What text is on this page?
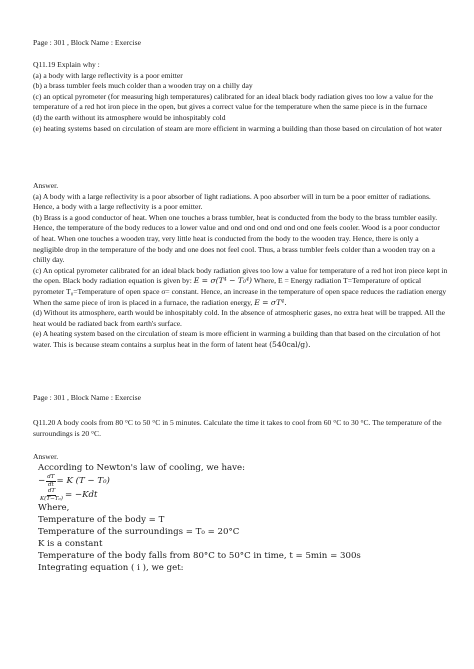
Page : 301 , Block Name : Exercise

Q11.19 Explain why :

(a) a body with large reflectivity is a poor emitter

(b) a brass tumbler feels much colder than a wooden tray on a chilly day

(c) an optical pyrometer (for measuring high temperatures) calibrated for an ideal black body radiation gives too low a value for the temperature of a red hot iron piece in the open, but gives a correct value for the temperature when the same piece is in the furnace

(d) the earth without its atmosphere would be inhospitably cold

(e) heating systems based on circulation of steam are more efficient in warming a building than those based on circulation of hot water

Answer.

(a) A body with a large reflectivity is a poor absorber of light radiations. A poo absorber will in turn be a poor emitter of radiations. Hence, a body with a large reflectivity is a poor emitter.

(b) Brass is a good conductor of heat. When one touches a brass tumbler, heat is conducted from the body to the brass tumbler easily. Hence, the temperature of the body reduces to a lower value and ond ond ond ond ond ond one feels cooler. Wood is a poor conductor of heat. When one touches a wooden tray, very little heat is conducted from the body to the wooden tray. Hence, there is only a negligible drop in the temperature of the body and one does not feel cool. Thus, a brass tumbler feels colder than a wooden tray on a chilly day.

(c) An optical pyrometer calibrated for an ideal black body radiation gives too low a value for temperature of a red hot iron piece kept in the open. Black body radiation equation is given by: E = σ(T⁴ − T₀⁴) Where, E = Energy radiation T=Temperature of optical pyrometer T₀=Temperature of open space σ= constant. Hence, an increase in the temperature of open space reduces the radiation energy When the same piece of iron is placed in a furnace, the radiation energy, E = σT⁴.

(d) Without its atmosphere, earth would be inhospitably cold. In the absence of atmospheric gases, no extra heat will be trapped. All the heat would be radiated back from earth's surface.

(e) A heating system based on the circulation of steam is more efficient in warming a building than that based on the circulation of hot water. This is because steam contains a surplus heat in the form of latent heat (540cal/g).

Page : 301 , Block Name : Exercise

Q11.20 A body cools from 80 °C to 50 °C in 5 minutes. Calculate the time it takes to cool from 60 °C to 30 °C. The temperature of the surroundings is 20 °C.

Answer.

According to Newton's law of cooling, we have:

− $\frac{dT}{dt} = K$ (T − T₀)

$\frac{dT}{\text{K(T−T₀)}} = -Kdt$

Where,

Temperature of the body = T

Temperature of the surroundings = T₀ = 20°C

K is a constant

Temperature of the body falls from 80°C to 50°C in time, t = 5min = 300s

Integrating equation ( i ), we get:
